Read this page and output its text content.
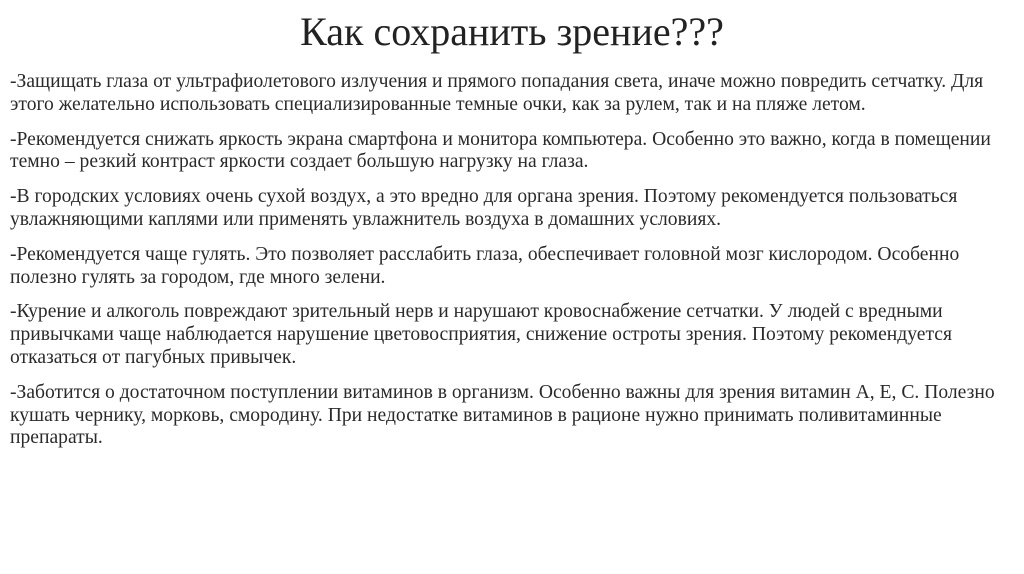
Как сохранить зрение???

-Защищать глаза от ультрафиолетового излучения и прямого попадания света, иначе можно повредить сетчатку. Для этого желательно использовать специализированные темные очки, как за рулем, так и на пляже летом.

-Рекомендуется снижать яркость экрана смартфона и монитора компьютера. Особенно это важно, когда в помещении темно – резкий контраст яркости создает большую нагрузку на глаза.

-В городских условиях очень сухой воздух, а это вредно для органа зрения. Поэтому рекомендуется пользоваться увлажняющими каплями или применять увлажнитель воздуха в домашних условиях.

-Рекомендуется чаще гулять. Это позволяет расслабить глаза, обеспечивает головной мозг кислородом. Особенно полезно гулять за городом, где много зелени.

-Курение и алкоголь повреждают зрительный нерв и нарушают кровоснабжение сетчатки. У людей с вредными привычками чаще наблюдается нарушение цветовосприятия, снижение остроты зрения. Поэтому рекомендуется отказаться от пагубных привычек.

-Заботится о достаточном поступлении витаминов в организм. Особенно важны для зрения витамин А, Е, С. Полезно кушать чернику, морковь, смородину. При недостатке витаминов в рационе нужно принимать поливитаминные препараты.
